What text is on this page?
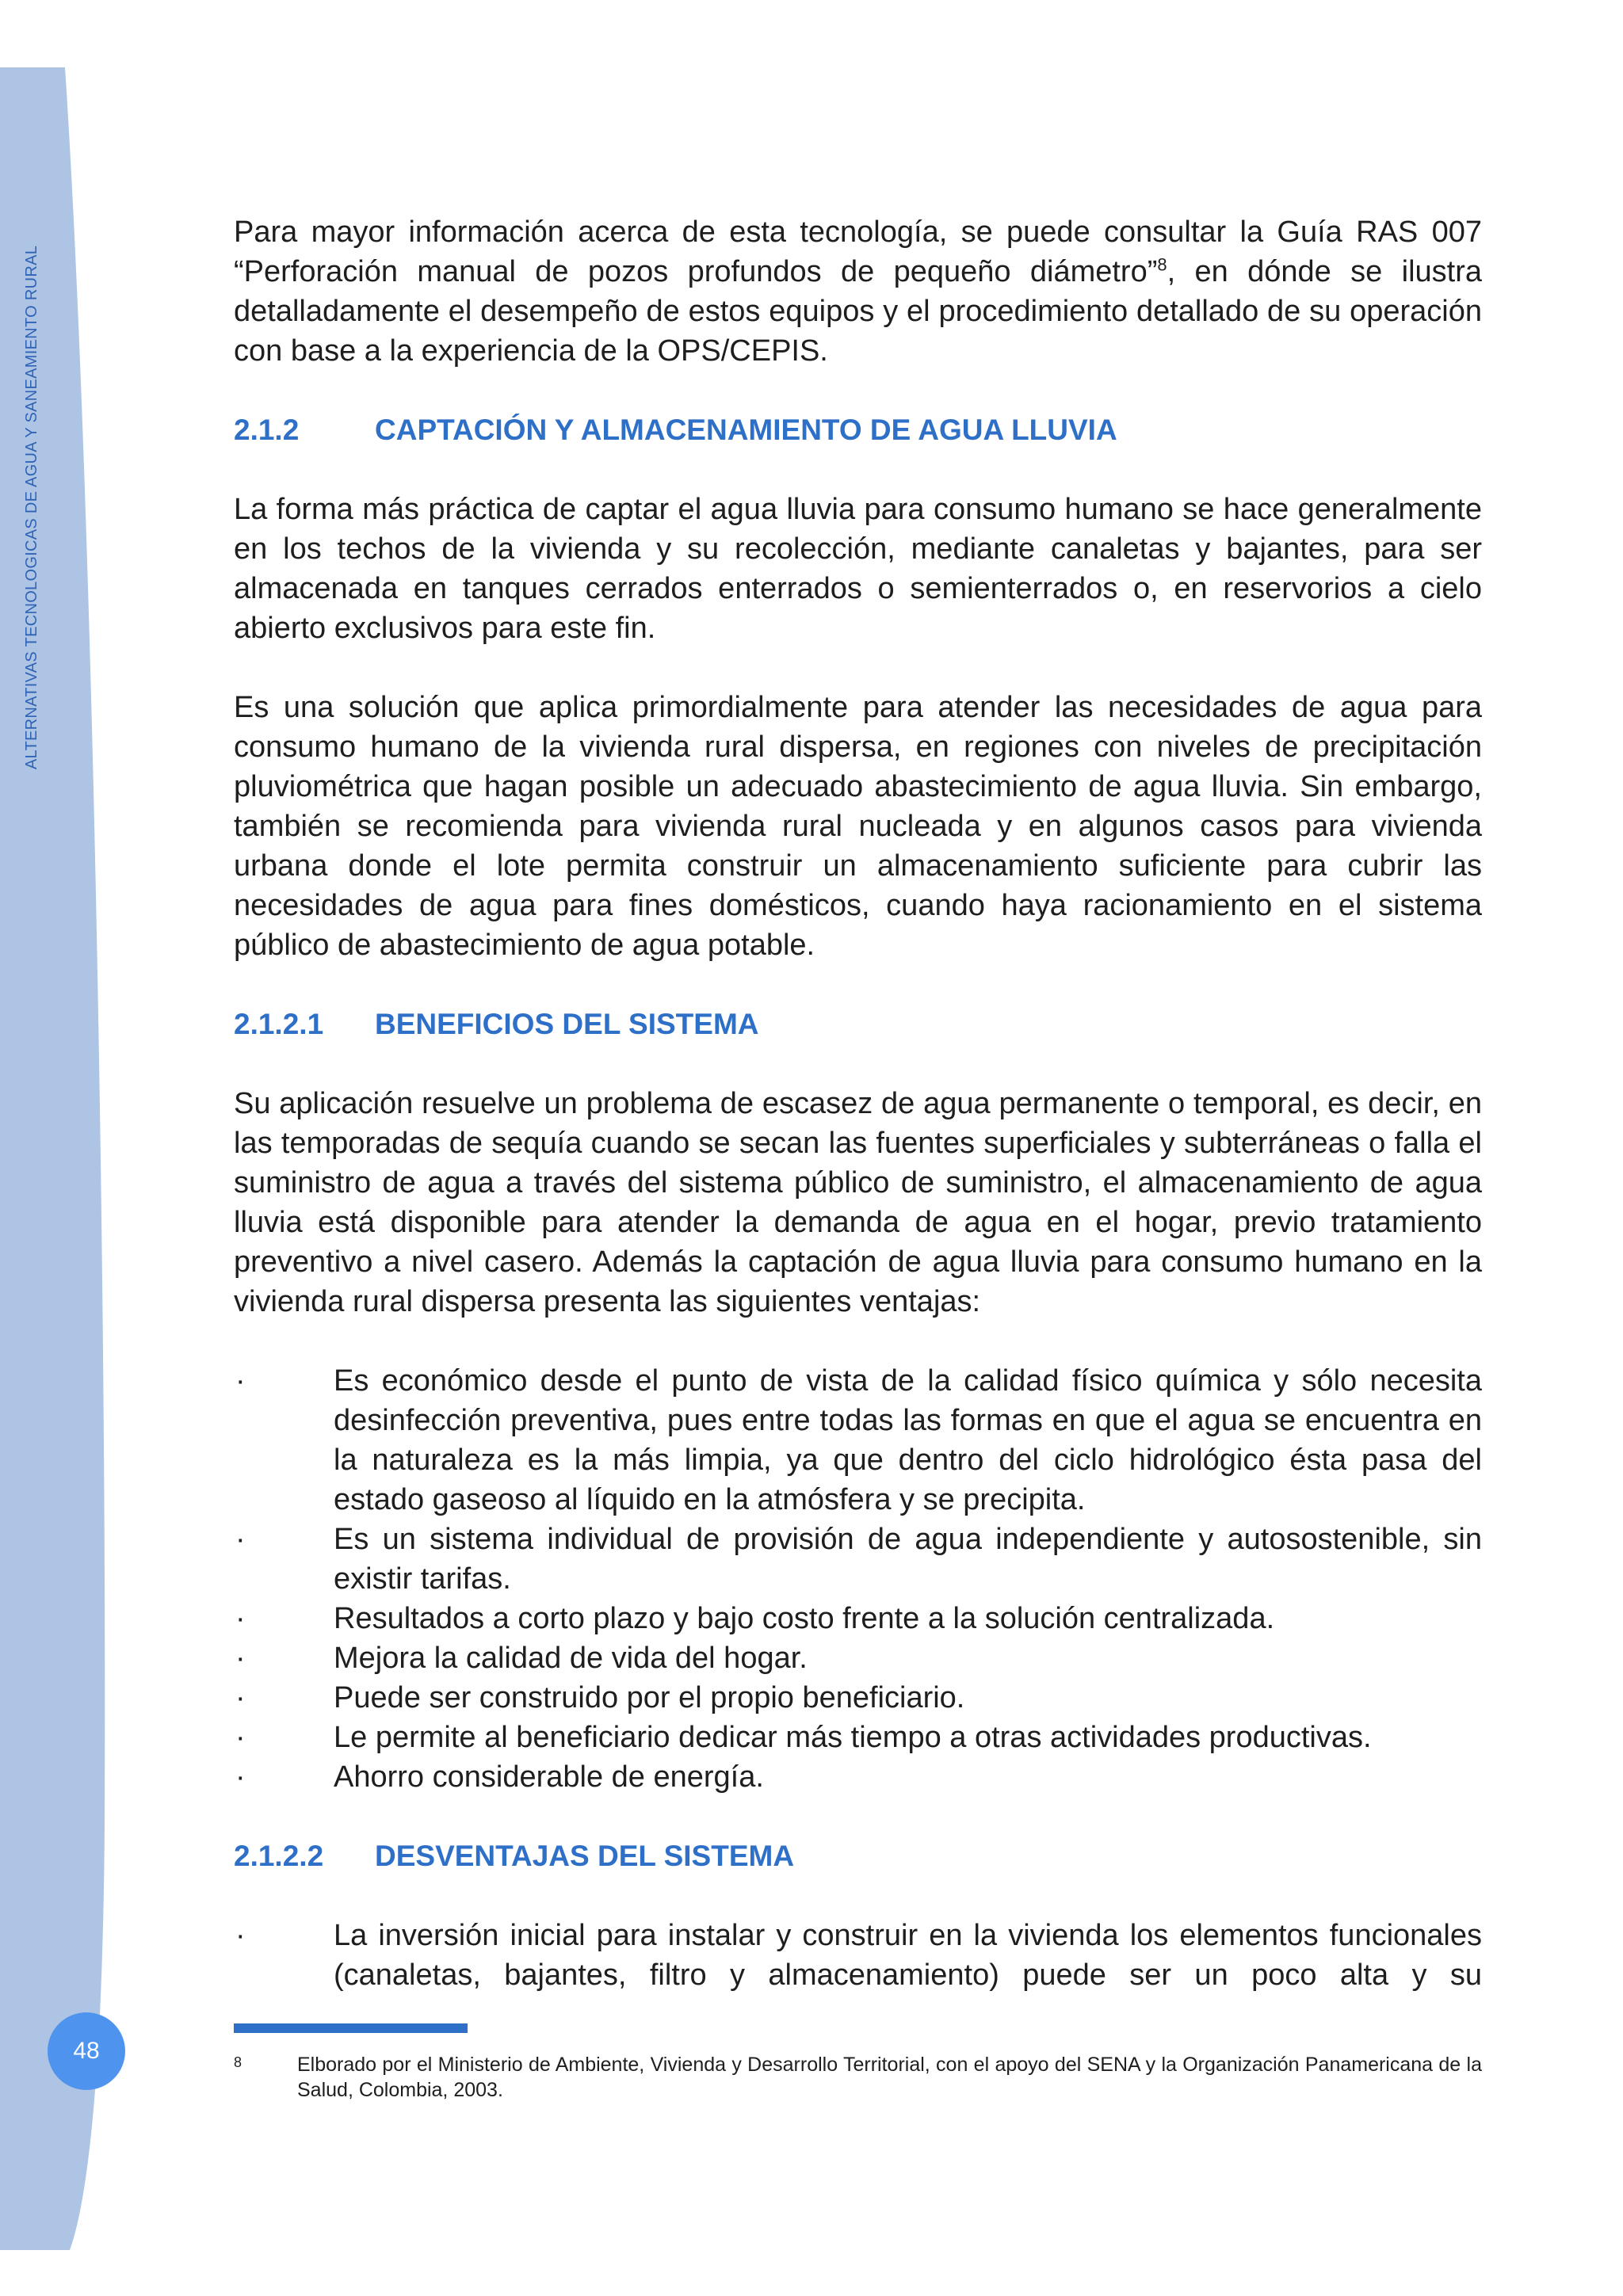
ALTERNATIVAS TECNOLOGICAS DE AGUA Y SANEAMIENTO RURAL
48

Para mayor información acerca de esta tecnología, se puede consultar la Guía RAS 007 “Perforación manual de pozos profundos de pequeño diámetro”$^8$, en dónde se ilustra detalladamente el desempeño de estos equipos y el procedimiento detallado de su operación con base a la experiencia de la OPS/CEPIS.

2.1.2	CAPTACIÓN Y ALMACENAMIENTO DE AGUA LLUVIA

La forma más práctica de captar el agua lluvia para consumo humano se hace generalmente en los techos de la vivienda y su recolección, mediante canaletas y bajantes, para ser almacenada en tanques cerrados enterrados o semienterrados o, en reservorios a cielo abierto exclusivos para este fin.

Es una solución que aplica primordialmente para atender las necesidades de agua para consumo humano de la vivienda rural dispersa, en regiones con niveles de precipitación pluviométrica que hagan posible un adecuado abastecimiento de agua lluvia. Sin embargo, también se recomienda para vivienda rural nucleada y en algunos casos para vivienda urbana donde el lote permita construir un almacenamiento suficiente para cubrir las necesidades de agua para fines domésticos, cuando haya racionamiento en el sistema público de abastecimiento de agua potable.

2.1.2.1	BENEFICIOS DEL SISTEMA

Su aplicación resuelve un problema de escasez de agua permanente o temporal, es decir, en las temporadas de sequía cuando se secan las fuentes superficiales y subterráneas o falla el suministro de agua a través del sistema público de suministro, el almacenamiento de agua lluvia está disponible para atender la demanda de agua en el hogar, previo tratamiento preventivo a nivel casero. Además la captación de agua lluvia para consumo humano en la vivienda rural dispersa presenta las siguientes ventajas:

·	Es económico desde el punto de vista de la calidad físico química y sólo necesita desinfección preventiva, pues entre todas las formas en que el agua se encuentra en la naturaleza es la más limpia, ya que dentro del ciclo hidrológico ésta pasa del estado gaseoso al líquido en la atmósfera y se precipita.
·	Es un sistema individual de provisión de agua independiente y autosostenible, sin existir tarifas.
·	Resultados a corto plazo y bajo costo frente a la solución centralizada.
·	Mejora la calidad de vida del hogar.
·	Puede ser construido por el propio beneficiario.
·	Le permite al beneficiario dedicar más tiempo a otras actividades productivas.
·	Ahorro considerable de energía.
2.1.2.2	DESVENTAJAS DEL SISTEMA
·	La inversión inicial para instalar y construir en la vivienda los elementos funcionales (canaletas, bajantes, filtro y almacenamiento) puede ser un poco alta y su
8	Elborado por el Ministerio de Ambiente, Vivienda y Desarrollo Territorial, con el apoyo del SENA y la Organización Panamericana de la Salud, Colombia, 2003.
